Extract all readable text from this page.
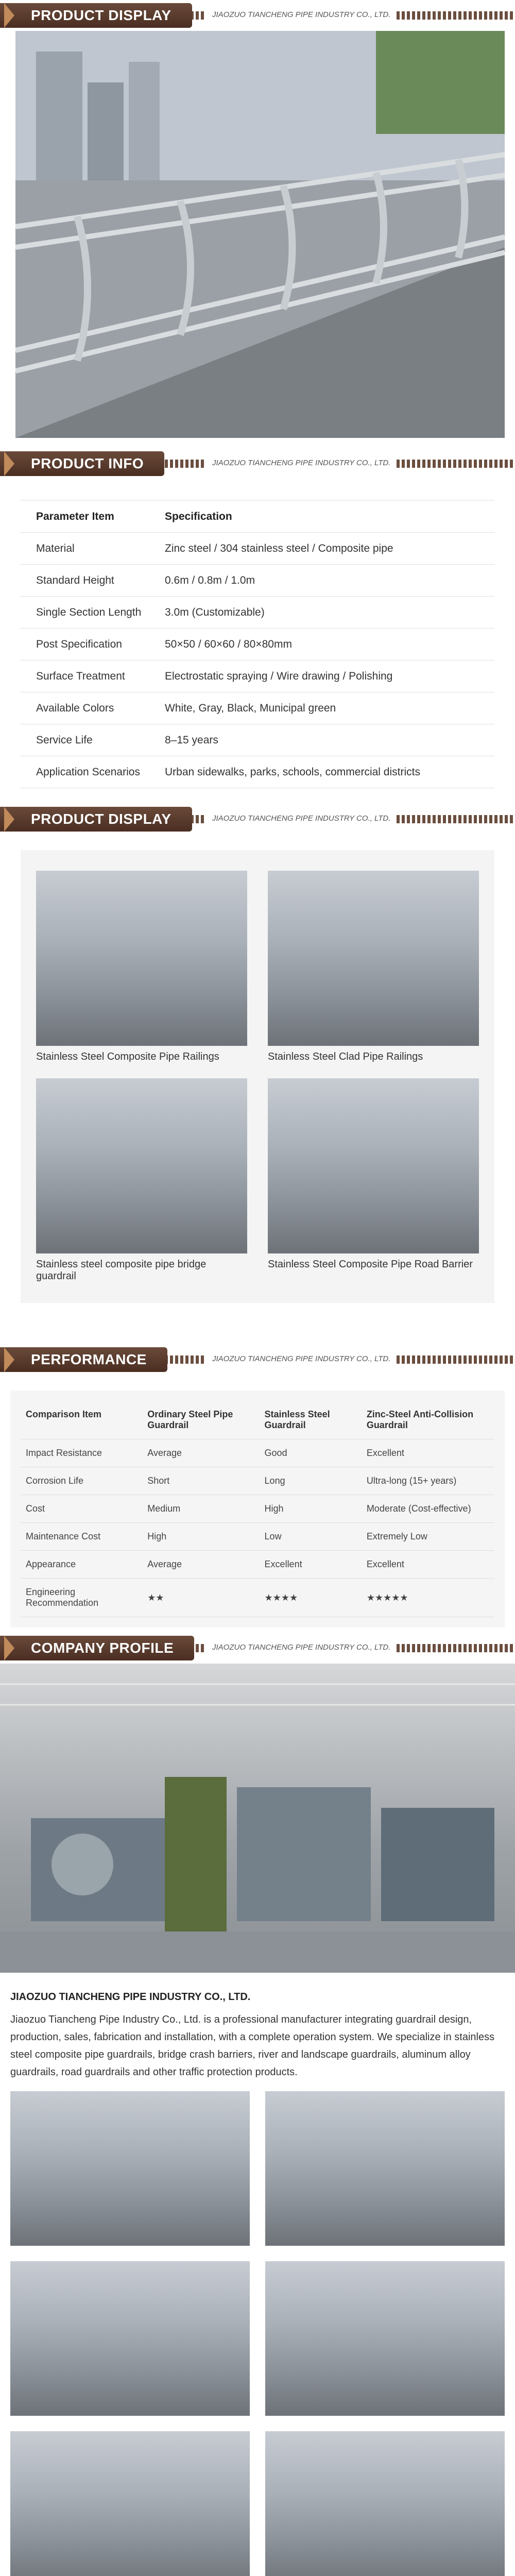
PRODUCT DISPLAY	JIAOZUO TIANCHENG PIPE INDUSTRY CO., LTD.
PRODUCT INFO	JIAOZUO TIANCHENG PIPE INDUSTRY CO., LTD.
Parameter Item	Specification
Material	Zinc steel / 304 stainless steel / Composite pipe
Standard Height	0.6m / 0.8m / 1.0m
Single Section Length	3.0m (Customizable)
Post Specification	50×50 / 60×60 / 80×80mm
Surface Treatment	Electrostatic spraying / Wire drawing / Polishing
Available Colors	White, Gray, Black, Municipal green
Service Life	8–15 years
Application Scenarios	Urban sidewalks, parks, schools, commercial districts
PRODUCT DISPLAY	JIAOZUO TIANCHENG PIPE INDUSTRY CO., LTD.
Stainless Steel Composite Pipe Railings	Stainless Steel Clad Pipe Railings
Stainless steel composite pipe bridge guardrail
Stainless Steel Composite Pipe Road Barrier
PERFORMANCE	JIAOZUO TIANCHENG PIPE INDUSTRY CO., LTD.
Comparison Item	Ordinary Steel Pipe Guardrail	Stainless Steel Guardrail	Zinc-Steel Anti-Collision Guardrail
Impact Resistance	Average	Good	Excellent
Corrosion Life	Short	Long	Ultra-long (15+ years)
Cost	Medium	High	Moderate (Cost-effective)
Maintenance Cost	High	Low	Extremely Low
Appearance	Average	Excellent	Excellent
Engineering Recommendation	★★	★★★★	★★★★★
COMPANY PROFILE	JIAOZUO TIANCHENG PIPE INDUSTRY CO., LTD.
JIAOZUO TIANCHENG PIPE INDUSTRY CO., LTD.

Jiaozuo Tiancheng Pipe Industry Co., Ltd. is a professional manufacturer integrating guardrail design, production, sales, fabrication and installation, with a complete operation system. We specialize in stainless steel composite pipe guardrails, bridge crash barriers, river and landscape guardrails, aluminum alloy guardrails, road guardrails and other traffic protection products.
